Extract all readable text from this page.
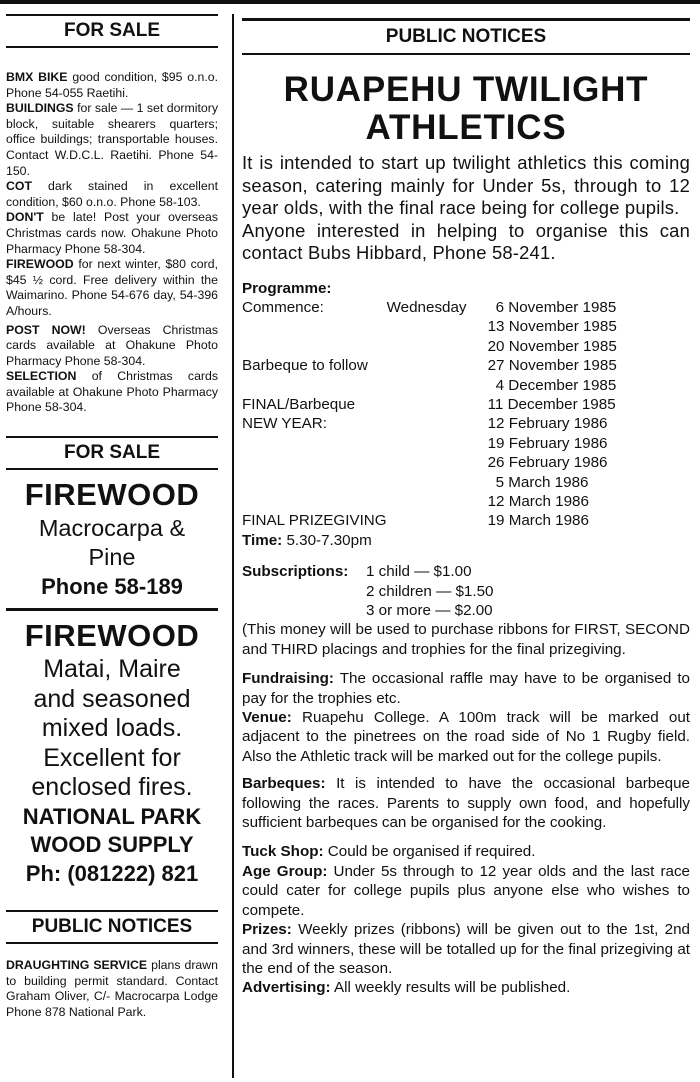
FOR SALE

BMX BIKE good condition, $95 o.n.o. Phone 54-055 Raetihi.

BUILDINGS for sale — 1 set dormitory block, suitable shearers quarters; office buildings; transportable houses. Contact W.D.C.L. Raetihi. Phone 54-150.

COT dark stained in excellent condition, $60 o.n.o. Phone 58-103.

DON'T be late! Post your overseas Christmas cards now. Ohakune Photo Pharmacy Phone 58-304.

FIREWOOD for next winter, $80 cord, $45 ½ cord. Free delivery within the Waimarino. Phone 54-676 day, 54-396 A/hours.

POST NOW! Overseas Christmas cards available at Ohakune Photo Pharmacy Phone 58-304.

SELECTION of Christmas cards available at Ohakune Photo Pharmacy Phone 58-304.

FOR SALE
FIREWOOD
Macrocarpa &
Pine
Phone 58-189
FIREWOOD
Matai, Maire
and seasoned
mixed loads.
Excellent for
enclosed fires.
NATIONAL PARK
WOOD SUPPLY
Ph: (081222) 821
PUBLIC NOTICES

DRAUGHTING SERVICE plans drawn to building permit standard. Contact Graham Oliver, C/- Macrocarpa Lodge Phone 878 National Park.

PUBLIC NOTICES
RUAPEHU TWILIGHT
ATHLETICS
It is intended to start up twilight athletics this coming season, catering mainly for Under 5s, through to 12 year olds, with the final race being for college pupils.
Anyone interested in helping to organise this can contact Bubs Hibbard, Phone 58-241.
Programme:
Commence:	Wednesday	6 November 1985
		13 November 1985
		20 November 1985
Barbeque to follow		27 November 1985
		4 December 1985
FINAL/Barbeque		11 December 1985
NEW YEAR:		12 February 1986
		19 February 1986
		26 February 1986
		5 March 1986
		12 March 1986
FINAL PRIZEGIVING		19 March 1986
Time: 5.30-7.30pm
Subscriptions:	1 child — $1.00
	2 children — $1.50
	3 or more — $2.00

(This money will be used to purchase ribbons for FIRST, SECOND and THIRD placings and trophies for the final prizegiving.

Fundraising: The occasional raffle may have to be organised to pay for the trophies etc.

Venue: Ruapehu College. A 100m track will be marked out adjacent to the pinetrees on the road side of No 1 Rugby field. Also the Athletic track will be marked out for the college pupils.

Barbeques: It is intended to have the occasional barbeque following the races. Parents to supply own food, and hopefully sufficient barbeques can be organised for the cooking.

Tuck Shop: Could be organised if required.

Age Group: Under 5s through to 12 year olds and the last race could cater for college pupils plus anyone else who wishes to compete.

Prizes: Weekly prizes (ribbons) will be given out to the 1st, 2nd and 3rd winners, these will be totalled up for the final prizegiving at the end of the season.

Advertising: All weekly results will be published.
